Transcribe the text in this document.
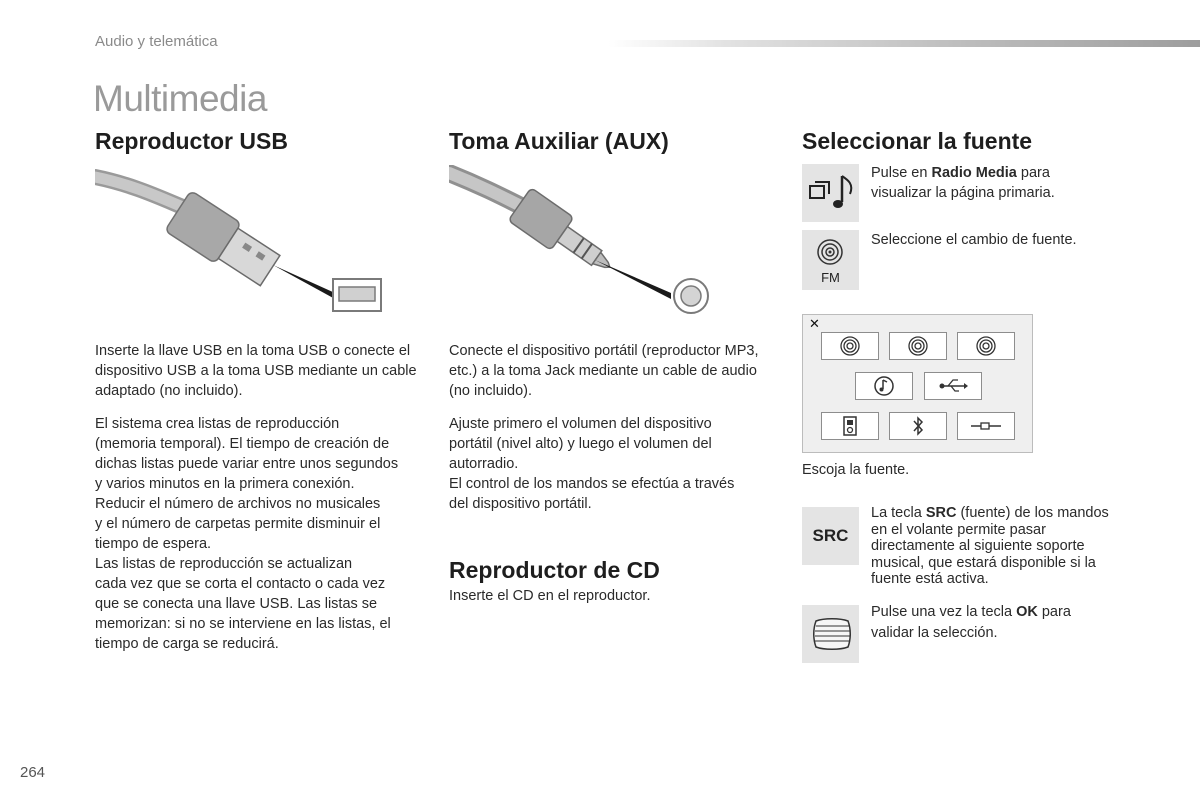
Audio y telemática
Multimedia
Reproductor USB

Inserte la llave USB en la toma USB o conecte el dispositivo USB a la toma USB mediante un cable adaptado (no incluido).

El sistema crea listas de reproducción
(memoria temporal). El tiempo de creación de
dichas listas puede variar entre unos segundos
y varios minutos en la primera conexión.
Reducir el número de archivos no musicales
y el número de carpetas permite disminuir el
tiempo de espera.
Las listas de reproducción se actualizan
cada vez que se corta el contacto o cada vez
que se conecta una llave USB. Las listas se
memorizan: si no se interviene en las listas, el
tiempo de carga se reducirá.
Toma Auxiliar (AUX)

Conecte el dispositivo portátil (reproductor MP3, etc.) a la toma Jack mediante un cable de audio (no incluido).

Ajuste primero el volumen del dispositivo
portátil (nivel alto) y luego el volumen del
autorradio.
El control de los mandos se efectúa a través
del dispositivo portátil.
Reproductor de CD

Inserte el CD en el reproductor.

Seleccionar la fuente

Pulse en Radio Media para visualizar la página primaria.

FM

Seleccione el cambio de fuente.

✕

Escoja la fuente.

SRC

La tecla SRC (fuente) de los mandos en el volante permite pasar directamente al siguiente soporte musical, que estará disponible si la fuente está activa.

Pulse una vez la tecla OK para validar la selección.

264
